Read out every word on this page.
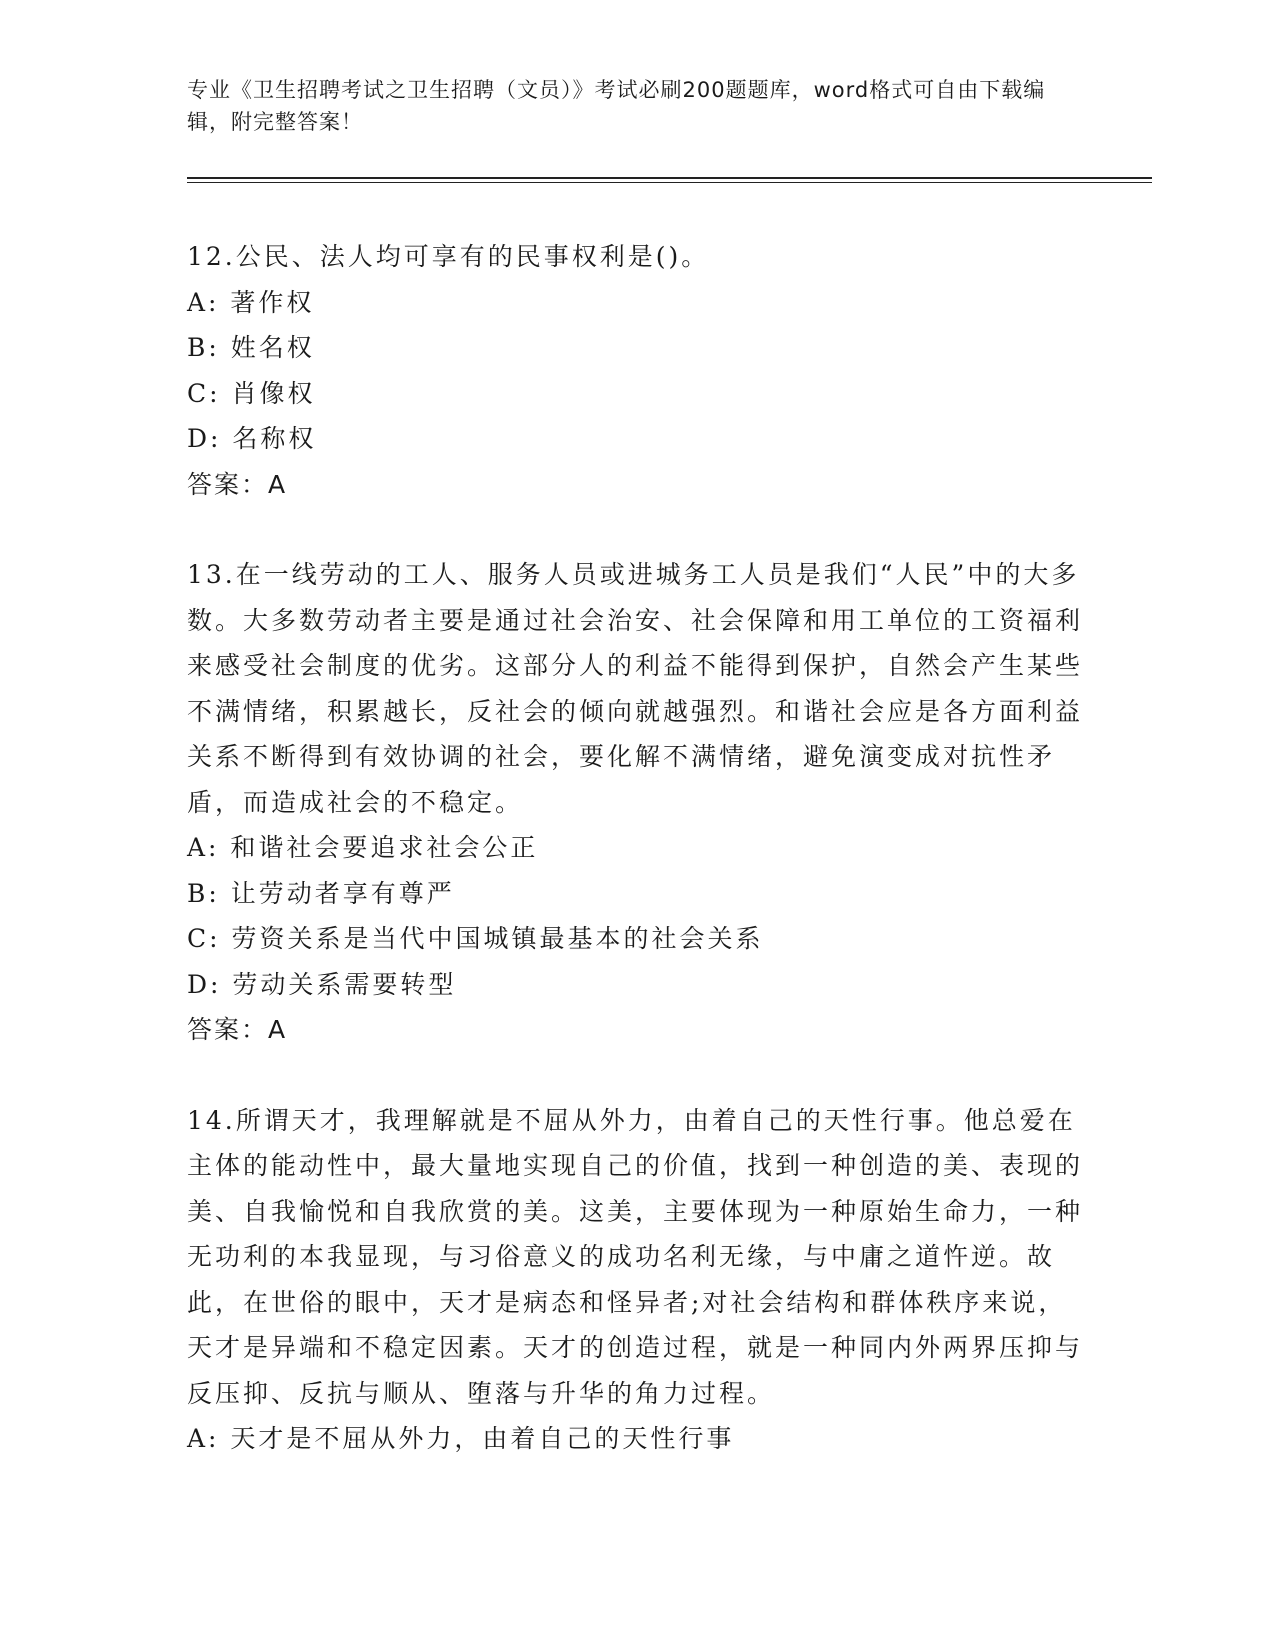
专业《卫生招聘考试之卫生招聘（文员）》考试必刷200题题库，word格式可自由下载编辑，附完整答案！

12.公民、法人均可享有的民事权利是()。

A: 著作权

B: 姓名权

C: 肖像权

D: 名称权

答案：A

13.在一线劳动的工人、服务人员或进城务工人员是我们“人民”中的大多数。大多数劳动者主要是通过社会治安、社会保障和用工单位的工资福利来感受社会制度的优劣。这部分人的利益不能得到保护，自然会产生某些不满情绪，积累越长，反社会的倾向就越强烈。和谐社会应是各方面利益关系不断得到有效协调的社会，要化解不满情绪，避免演变成对抗性矛盾，而造成社会的不稳定。

A: 和谐社会要追求社会公正

B: 让劳动者享有尊严

C: 劳资关系是当代中国城镇最基本的社会关系

D: 劳动关系需要转型

答案：A

14.所谓天才，我理解就是不屈从外力，由着自己的天性行事。他总爱在主体的能动性中，最大量地实现自己的价值，找到一种创造的美、表现的美、自我愉悦和自我欣赏的美。这美，主要体现为一种原始生命力，一种无功利的本我显现，与习俗意义的成功名利无缘，与中庸之道忤逆。故此，在世俗的眼中，天才是病态和怪异者;对社会结构和群体秩序来说，天才是异端和不稳定因素。天才的创造过程，就是一种同内外两界压抑与反压抑、反抗与顺从、堕落与升华的角力过程。

A: 天才是不屈从外力，由着自己的天性行事
